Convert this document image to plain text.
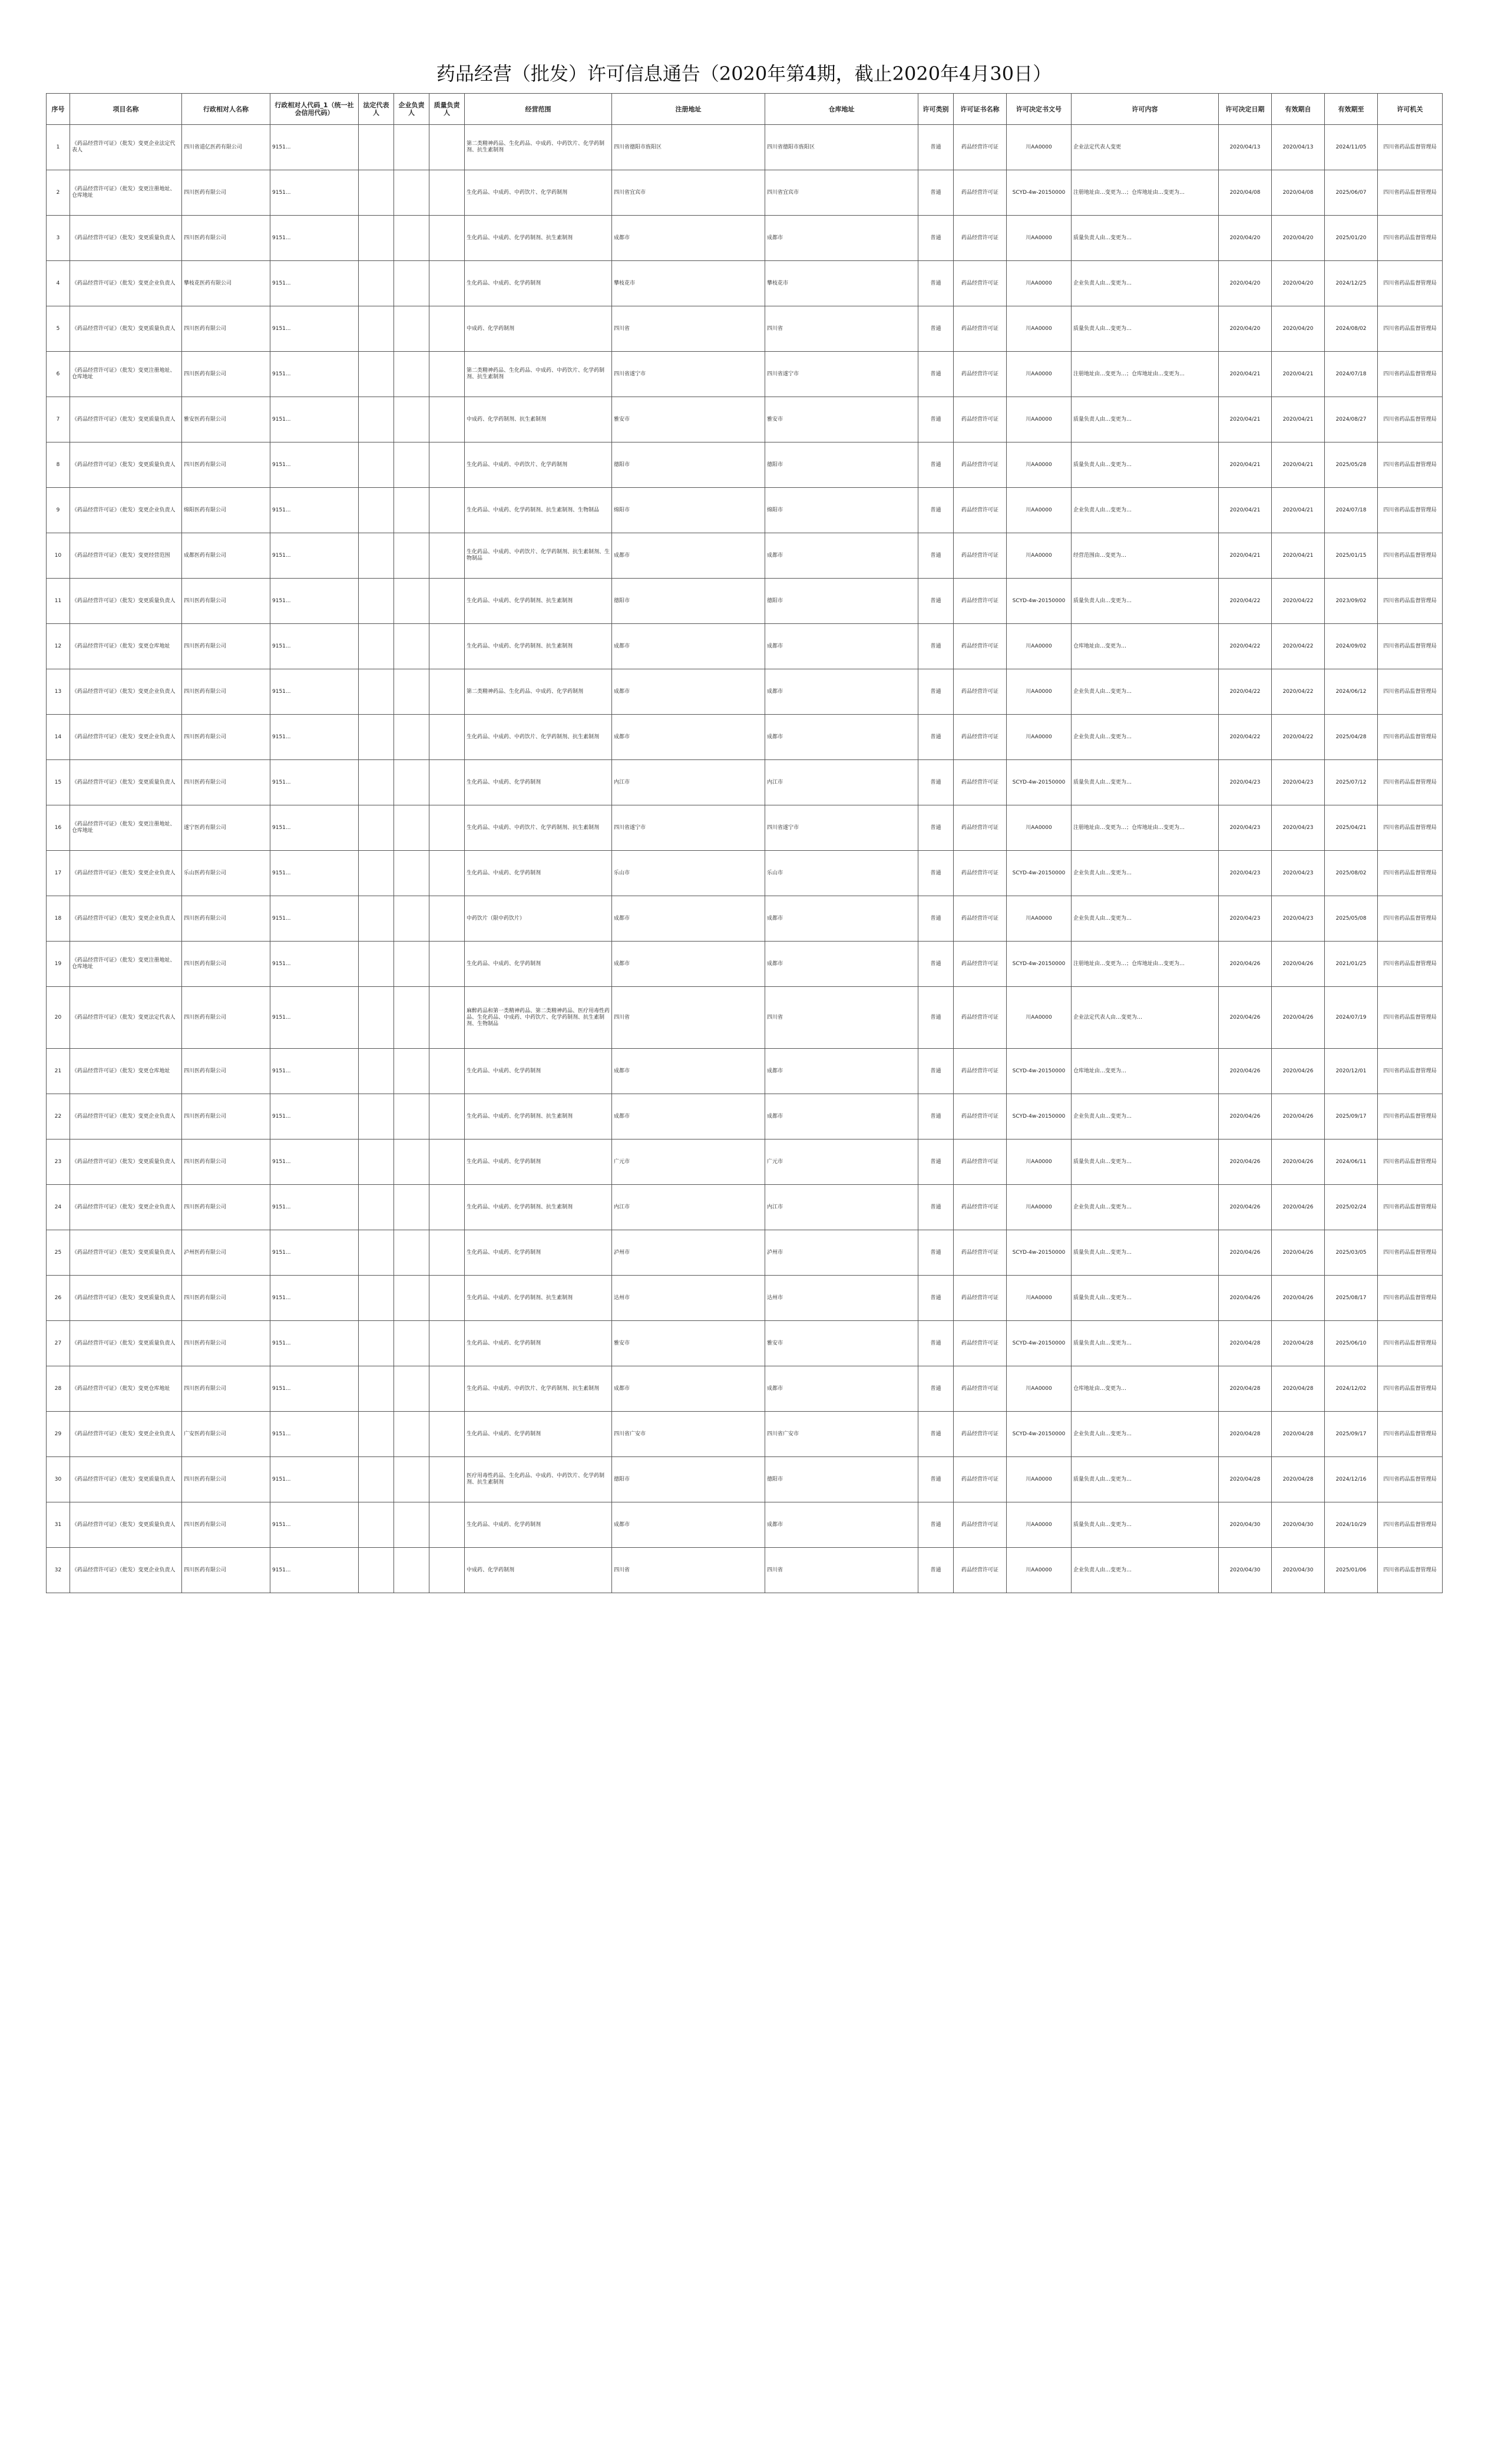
药品经营（批发）许可信息通告（2020年第4期，截止2020年4月30日）
序号	项目名称	行政相对人名称	行政相对人代码_1（统一社会信用代码）	法定代表人	企业负责人	质量负责人	经营范围	注册地址	仓库地址	许可类别	许可证书名称	许可决定书文号	许可内容	许可决定日期	有效期自	有效期至	许可机关
1	《药品经营许可证》（批发）变更企业法定代表人	四川省道亿医药有限公司	9151...				第二类精神药品、生化药品、中成药、中药饮片、化学药制剂、抗生素制剂	四川省德阳市旌阳区	四川省德阳市旌阳区	普通	药品经营许可证	川AA0000	企业法定代表人变更	2020/04/13	2020/04/13	2024/11/05	四川省药品监督管理局
2	《药品经营许可证》（批发）变更注册地址、仓库地址	四川医药有限公司	9151...				生化药品、中成药、中药饮片、化学药制剂	四川省宜宾市	四川省宜宾市	普通	药品经营许可证	SCYD-4w-20150000	注册地址由…变更为…；仓库地址由…变更为…	2020/04/08	2020/04/08	2025/06/07	四川省药品监督管理局
3	《药品经营许可证》（批发）变更质量负责人	四川医药有限公司	9151...				生化药品、中成药、化学药制剂、抗生素制剂	成都市	成都市	普通	药品经营许可证	川AA0000	质量负责人由…变更为…	2020/04/20	2020/04/20	2025/01/20	四川省药品监督管理局
4	《药品经营许可证》（批发）变更企业负责人	攀枝花医药有限公司	9151...				生化药品、中成药、化学药制剂	攀枝花市	攀枝花市	普通	药品经营许可证	川AA0000	企业负责人由…变更为…	2020/04/20	2020/04/20	2024/12/25	四川省药品监督管理局
5	《药品经营许可证》（批发）变更质量负责人	四川医药有限公司	9151...				中成药、化学药制剂	四川省	四川省	普通	药品经营许可证	川AA0000	质量负责人由…变更为…	2020/04/20	2020/04/20	2024/08/02	四川省药品监督管理局
6	《药品经营许可证》（批发）变更注册地址、仓库地址	四川医药有限公司	9151...				第二类精神药品、生化药品、中成药、中药饮片、化学药制剂、抗生素制剂	四川省遂宁市	四川省遂宁市	普通	药品经营许可证	川AA0000	注册地址由…变更为…；仓库地址由…变更为…	2020/04/21	2020/04/21	2024/07/18	四川省药品监督管理局
7	《药品经营许可证》（批发）变更质量负责人	雅安医药有限公司	9151...				中成药、化学药制剂、抗生素制剂	雅安市	雅安市	普通	药品经营许可证	川AA0000	质量负责人由…变更为…	2020/04/21	2020/04/21	2024/08/27	四川省药品监督管理局
8	《药品经营许可证》（批发）变更质量负责人	四川医药有限公司	9151...				生化药品、中成药、中药饮片、化学药制剂	德阳市	德阳市	普通	药品经营许可证	川AA0000	质量负责人由…变更为…	2020/04/21	2020/04/21	2025/05/28	四川省药品监督管理局
9	《药品经营许可证》（批发）变更企业负责人	绵阳医药有限公司	9151...				生化药品、中成药、化学药制剂、抗生素制剂、生物制品	绵阳市	绵阳市	普通	药品经营许可证	川AA0000	企业负责人由…变更为…	2020/04/21	2020/04/21	2024/07/18	四川省药品监督管理局
10	《药品经营许可证》（批发）变更经营范围	成都医药有限公司	9151...				生化药品、中成药、中药饮片、化学药制剂、抗生素制剂、生物制品	成都市	成都市	普通	药品经营许可证	川AA0000	经营范围由…变更为…	2020/04/21	2020/04/21	2025/01/15	四川省药品监督管理局
11	《药品经营许可证》（批发）变更质量负责人	四川医药有限公司	9151...				生化药品、中成药、化学药制剂、抗生素制剂	德阳市	德阳市	普通	药品经营许可证	SCYD-4w-20150000	质量负责人由…变更为…	2020/04/22	2020/04/22	2023/09/02	四川省药品监督管理局
12	《药品经营许可证》（批发）变更仓库地址	四川医药有限公司	9151...				生化药品、中成药、化学药制剂、抗生素制剂	成都市	成都市	普通	药品经营许可证	川AA0000	仓库地址由…变更为…	2020/04/22	2020/04/22	2024/09/02	四川省药品监督管理局
13	《药品经营许可证》（批发）变更企业负责人	四川医药有限公司	9151...				第二类精神药品、生化药品、中成药、化学药制剂	成都市	成都市	普通	药品经营许可证	川AA0000	企业负责人由…变更为…	2020/04/22	2020/04/22	2024/06/12	四川省药品监督管理局
14	《药品经营许可证》（批发）变更企业负责人	四川医药有限公司	9151...				生化药品、中成药、中药饮片、化学药制剂、抗生素制剂	成都市	成都市	普通	药品经营许可证	川AA0000	企业负责人由…变更为…	2020/04/22	2020/04/22	2025/04/28	四川省药品监督管理局
15	《药品经营许可证》（批发）变更质量负责人	四川医药有限公司	9151...				生化药品、中成药、化学药制剂	内江市	内江市	普通	药品经营许可证	SCYD-4w-20150000	质量负责人由…变更为…	2020/04/23	2020/04/23	2025/07/12	四川省药品监督管理局
16	《药品经营许可证》（批发）变更注册地址、仓库地址	遂宁医药有限公司	9151...				生化药品、中成药、中药饮片、化学药制剂、抗生素制剂	四川省遂宁市	四川省遂宁市	普通	药品经营许可证	川AA0000	注册地址由…变更为…；仓库地址由…变更为…	2020/04/23	2020/04/23	2025/04/21	四川省药品监督管理局
17	《药品经营许可证》（批发）变更企业负责人	乐山医药有限公司	9151...				生化药品、中成药、化学药制剂	乐山市	乐山市	普通	药品经营许可证	SCYD-4w-20150000	企业负责人由…变更为…	2020/04/23	2020/04/23	2025/08/02	四川省药品监督管理局
18	《药品经营许可证》（批发）变更企业负责人	四川医药有限公司	9151...				中药饮片（限中药饮片）	成都市	成都市	普通	药品经营许可证	川AA0000	企业负责人由…变更为…	2020/04/23	2020/04/23	2025/05/08	四川省药品监督管理局
19	《药品经营许可证》（批发）变更注册地址、仓库地址	四川医药有限公司	9151...				生化药品、中成药、化学药制剂	成都市	成都市	普通	药品经营许可证	SCYD-4w-20150000	注册地址由…变更为…；仓库地址由…变更为…	2020/04/26	2020/04/26	2021/01/25	四川省药品监督管理局
20	《药品经营许可证》（批发）变更法定代表人	四川医药有限公司	9151...				麻醉药品和第一类精神药品、第二类精神药品、医疗用毒性药品、生化药品、中成药、中药饮片、化学药制剂、抗生素制剂、生物制品	四川省	四川省	普通	药品经营许可证	川AA0000	企业法定代表人由…变更为…	2020/04/26	2020/04/26	2024/07/19	四川省药品监督管理局
21	《药品经营许可证》（批发）变更仓库地址	四川医药有限公司	9151...				生化药品、中成药、化学药制剂	成都市	成都市	普通	药品经营许可证	SCYD-4w-20150000	仓库地址由…变更为…	2020/04/26	2020/04/26	2020/12/01	四川省药品监督管理局
22	《药品经营许可证》（批发）变更企业负责人	四川医药有限公司	9151...				生化药品、中成药、化学药制剂、抗生素制剂	成都市	成都市	普通	药品经营许可证	SCYD-4w-20150000	企业负责人由…变更为…	2020/04/26	2020/04/26	2025/09/17	四川省药品监督管理局
23	《药品经营许可证》（批发）变更质量负责人	四川医药有限公司	9151...				生化药品、中成药、化学药制剂	广元市	广元市	普通	药品经营许可证	川AA0000	质量负责人由…变更为…	2020/04/26	2020/04/26	2024/06/11	四川省药品监督管理局
24	《药品经营许可证》（批发）变更企业负责人	四川医药有限公司	9151...				生化药品、中成药、化学药制剂、抗生素制剂	内江市	内江市	普通	药品经营许可证	川AA0000	企业负责人由…变更为…	2020/04/26	2020/04/26	2025/02/24	四川省药品监督管理局
25	《药品经营许可证》（批发）变更质量负责人	泸州医药有限公司	9151...				生化药品、中成药、化学药制剂	泸州市	泸州市	普通	药品经营许可证	SCYD-4w-20150000	质量负责人由…变更为…	2020/04/26	2020/04/26	2025/03/05	四川省药品监督管理局
26	《药品经营许可证》（批发）变更质量负责人	四川医药有限公司	9151...				生化药品、中成药、化学药制剂、抗生素制剂	达州市	达州市	普通	药品经营许可证	川AA0000	质量负责人由…变更为…	2020/04/26	2020/04/26	2025/08/17	四川省药品监督管理局
27	《药品经营许可证》（批发）变更质量负责人	四川医药有限公司	9151...				生化药品、中成药、化学药制剂	雅安市	雅安市	普通	药品经营许可证	SCYD-4w-20150000	质量负责人由…变更为…	2020/04/28	2020/04/28	2025/06/10	四川省药品监督管理局
28	《药品经营许可证》（批发）变更仓库地址	四川医药有限公司	9151...				生化药品、中成药、中药饮片、化学药制剂、抗生素制剂	成都市	成都市	普通	药品经营许可证	川AA0000	仓库地址由…变更为…	2020/04/28	2020/04/28	2024/12/02	四川省药品监督管理局
29	《药品经营许可证》（批发）变更企业负责人	广安医药有限公司	9151...				生化药品、中成药、化学药制剂	四川省广安市	四川省广安市	普通	药品经营许可证	SCYD-4w-20150000	企业负责人由…变更为…	2020/04/28	2020/04/28	2025/09/17	四川省药品监督管理局
30	《药品经营许可证》（批发）变更质量负责人	四川医药有限公司	9151...				医疗用毒性药品、生化药品、中成药、中药饮片、化学药制剂、抗生素制剂	德阳市	德阳市	普通	药品经营许可证	川AA0000	质量负责人由…变更为…	2020/04/28	2020/04/28	2024/12/16	四川省药品监督管理局
31	《药品经营许可证》（批发）变更质量负责人	四川医药有限公司	9151...				生化药品、中成药、化学药制剂	成都市	成都市	普通	药品经营许可证	川AA0000	质量负责人由…变更为…	2020/04/30	2020/04/30	2024/10/29	四川省药品监督管理局
32	《药品经营许可证》（批发）变更企业负责人	四川医药有限公司	9151...				中成药、化学药制剂	四川省	四川省	普通	药品经营许可证	川AA0000	企业负责人由…变更为…	2020/04/30	2020/04/30	2025/01/06	四川省药品监督管理局
